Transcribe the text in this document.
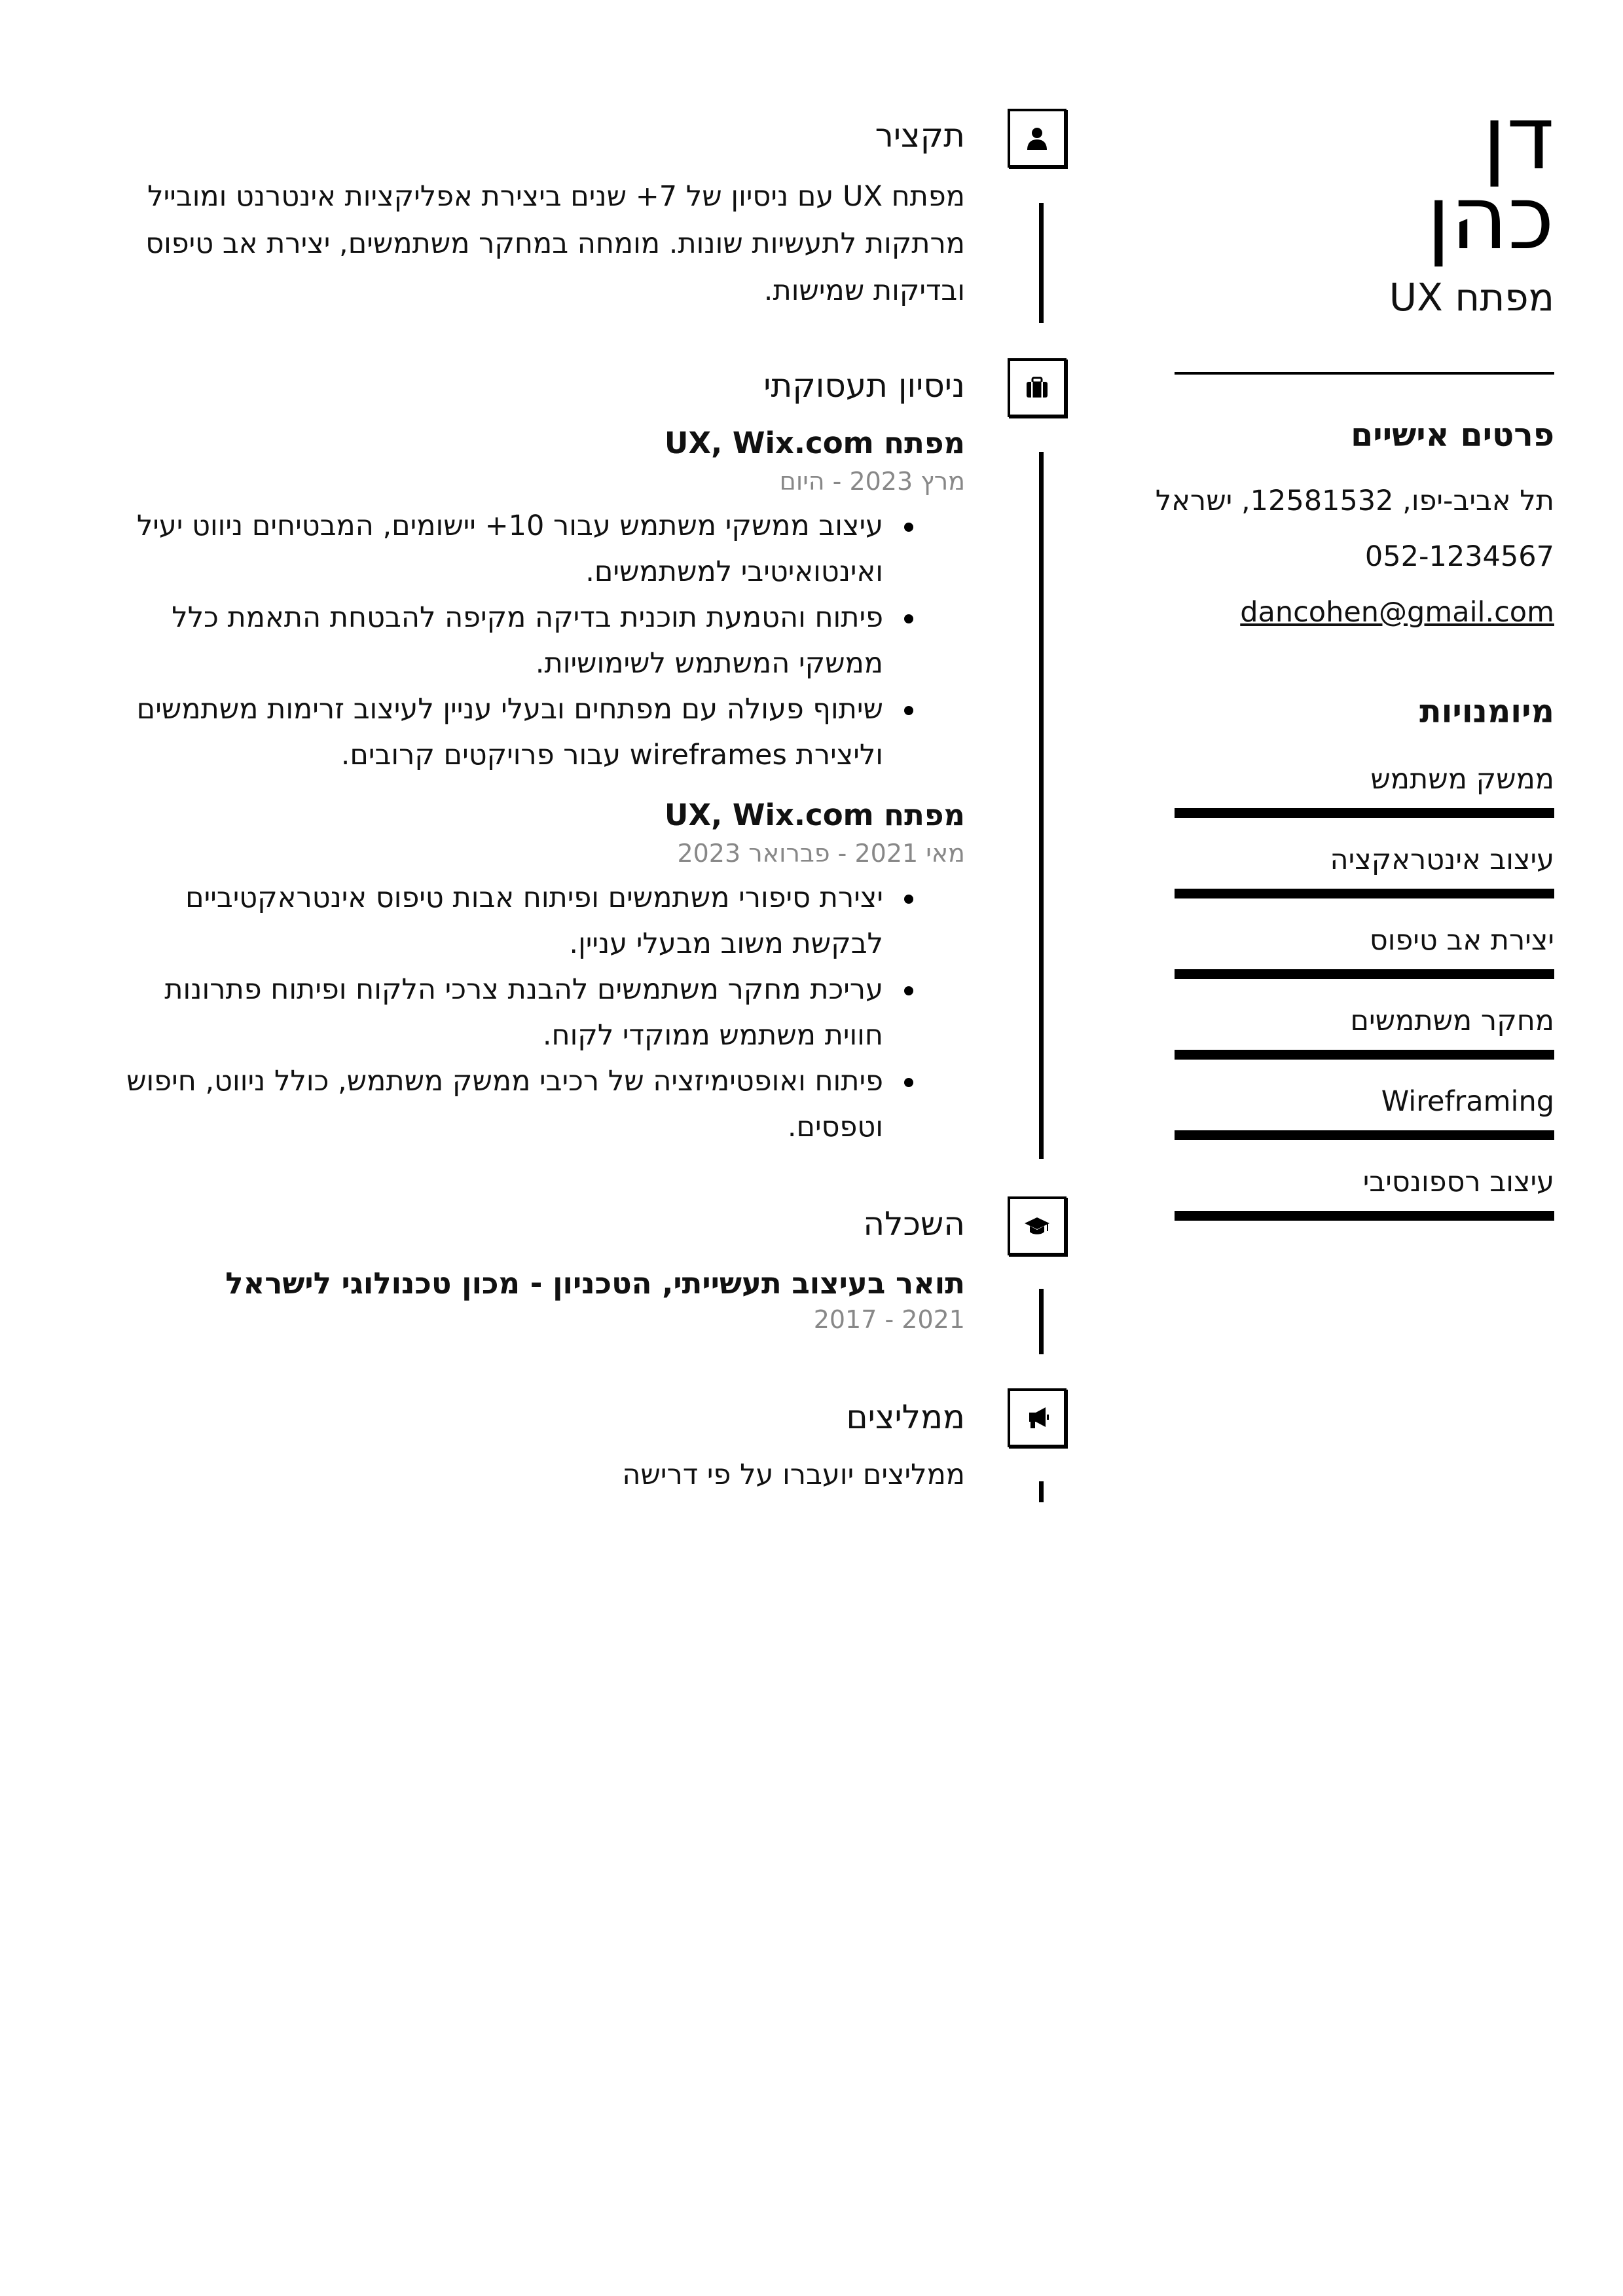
דן
כהן
מפתח UX
פרטים אישיים
תל אביב-יפו, 12581532, ישראל
052-1234567
dancohen@gmail.com
מיומנויות
ממשק משתמש
עיצוב אינטראקציה
יצירת אב טיפוס
מחקר משתמשים
Wireframing
עיצוב רספונסיבי
תקציר

מפתח UX עם ניסיון של 7+ שנים ביצירת אפליקציות אינטרנט ומובייל מרתקות לתעשיות שונות. מומחה במחקר משתמשים, יצירת אב טיפוס ובדיקות שמישות.

ניסיון תעסוקתי
מפתח UX, Wix.com
מרץ 2023 - היום
עיצוב ממשקי משתמש עבור 10+ יישומים, המבטיחים ניווט יעיל ואינטואיטיבי למשתמשים.
פיתוח והטמעת תוכנית בדיקה מקיפה להבטחת התאמת כלל ממשקי המשתמש לשימושיות.
שיתוף פעולה עם מפתחים ובעלי עניין לעיצוב זרימות משתמשים וליצירת wireframes עבור פרויקטים קרובים.
מפתח UX, Wix.com
מאי 2021 - פברואר 2023
יצירת סיפורי משתמשים ופיתוח אבות טיפוס אינטראקטיביים לבקשת משוב מבעלי עניין.
עריכת מחקר משתמשים להבנת צרכי הלקוח ופיתוח פתרונות חווית משתמש ממוקדי לקוח.
פיתוח ואופטימיזציה של רכיבי ממשק משתמש, כולל ניווט, חיפוש וטפסים.
השכלה
תואר בעיצוב תעשייתי, הטכניון - מכון טכנולוגי לישראל
2021 - 2017
ממליצים
ממליצים יועברו על פי דרישה
